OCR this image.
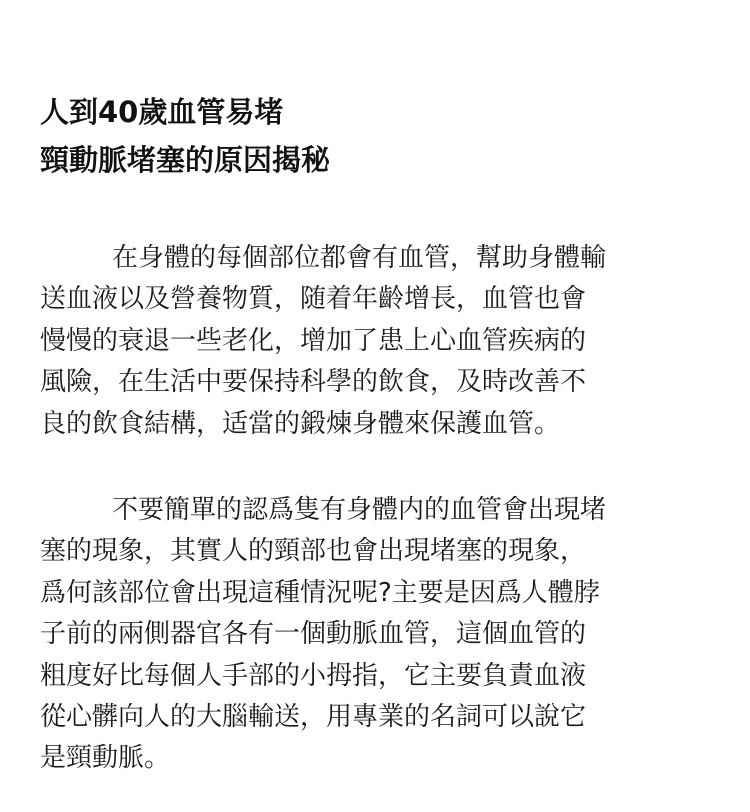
人到40歲血管易堵
頸動脈堵塞的原因揭秘

在身體的每個部位都會有血管，幫助身體輸
送血液以及營養物質，随着年齡增長，血管也會
慢慢的衰退一些老化，增加了患上心血管疾病的
風險，在生活中要保持科學的飲食，及時改善不
良的飲食結構，适當的鍛煉身體來保護血管。

不要簡單的認爲隻有身體内的血管會出現堵
塞的現象，其實人的頸部也會出現堵塞的現象，
爲何該部位會出現這種情況呢?主要是因爲人體脖
子前的兩側器官各有一個動脈血管，這個血管的
粗度好比每個人手部的小拇指，它主要負責血液
從心髒向人的大腦輸送，用專業的名詞可以說它
是頸動脈。
